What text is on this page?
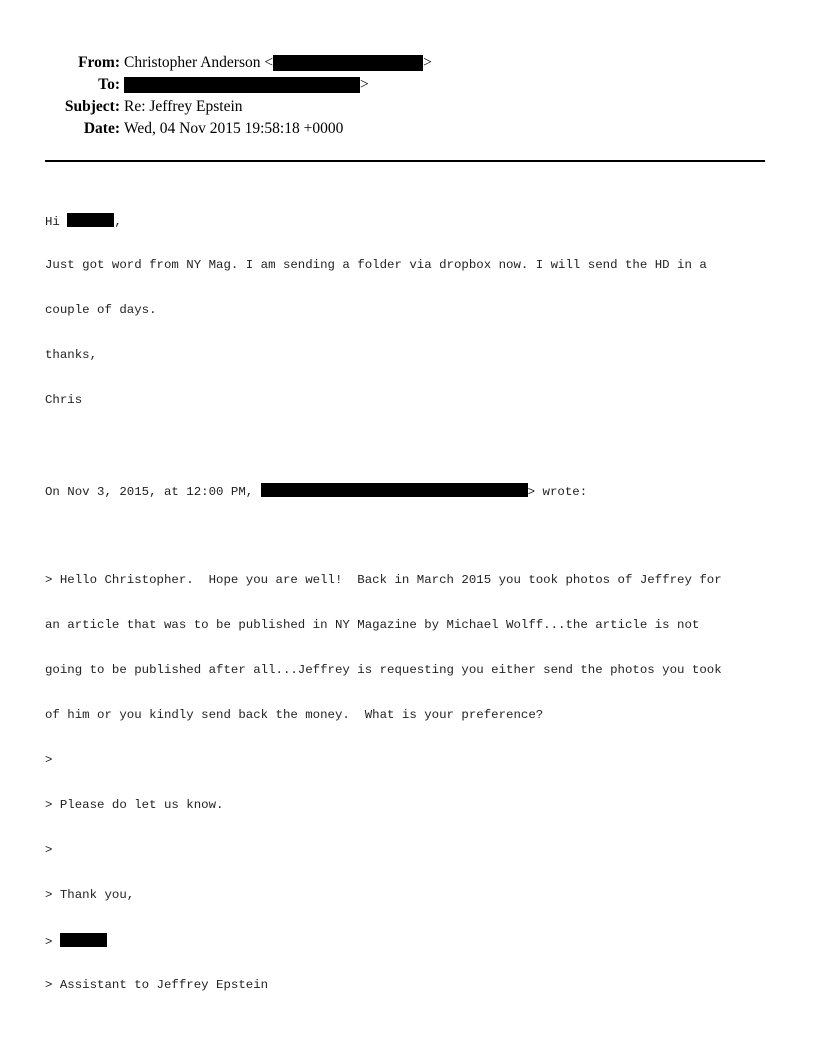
From: Christopher Anderson <	>
To:	>
Subject: Re: Jeffrey Epstein
Date: Wed, 04 Nov 2015 19:58:18 +0000

Hi	,

Just got word from NY Mag. I am sending a folder via dropbox now. I will send the HD in a

couple of days.

thanks,

Chris

On Nov 3, 2015, at 12:00 PM,	> wrote:

> Hello Christopher.  Hope you are well!  Back in March 2015 you took photos of Jeffrey for

an article that was to be published in NY Magazine by Michael Wolff...the article is not

going to be published after all...Jeffrey is requesting you either send the photos you took

of him or you kindly send back the money.  What is your preference?

>

> Please do let us know.

>

> Thank you,

>

> Assistant to Jeffrey Epstein
